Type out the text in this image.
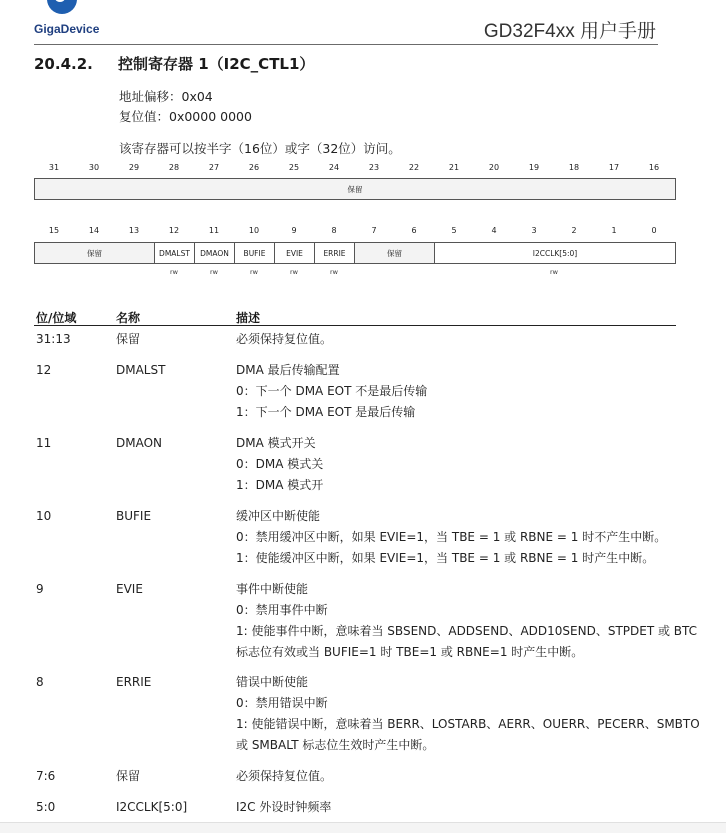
GigaDevice	GD32F4xx 用户手册
20.4.2. 控制寄存器 1（I2C_CTL1）
地址偏移：0x04
复位值：0x0000 0000
该寄存器可以按半字（16位）或字（32位）访问。
31	30	29	28	27	26	25	24	23	22	21	20	19	18	17	16
保留
15	14	13	12	11	10	9	8	7	6	5	4	3	2	1	0
保留	DMALST	DMAON	BUFIE	EVIE	ERRIE	保留	I2CCLK[5:0]
rw	rw	rw	rw	rw	rw
位/位域	名称	描述
31:13	保留	必须保持复位值。
12	DMALST	DMA 最后传输配置
0：下一个 DMA EOT 不是最后传输
1：下一个 DMA EOT 是最后传输
11	DMAON	DMA 模式开关
0：DMA 模式关
1：DMA 模式开
10	BUFIE	缓冲区中断使能
0：禁用缓冲区中断，如果 EVIE=1，当 TBE = 1 或 RBNE = 1 时不产生中断。
1：使能缓冲区中断，如果 EVIE=1，当 TBE = 1 或 RBNE = 1 时产生中断。
9	EVIE	事件中断使能
0：禁用事件中断
1: 使能事件中断，意味着当 SBSEND、ADDSEND、ADD10SEND、STPDET 或 BTC
标志位有效或当 BUFIE=1 时 TBE=1 或 RBNE=1 时产生中断。
8	ERRIE	错误中断使能
0：禁用错误中断
1: 使能错误中断，意味着当 BERR、LOSTARB、AERR、OUERR、PECERR、SMBTO
或 SMBALT 标志位生效时产生中断。
7:6	保留	必须保持复位值。
5:0	I2CCLK[5:0]	I2C 外设时钟频率
